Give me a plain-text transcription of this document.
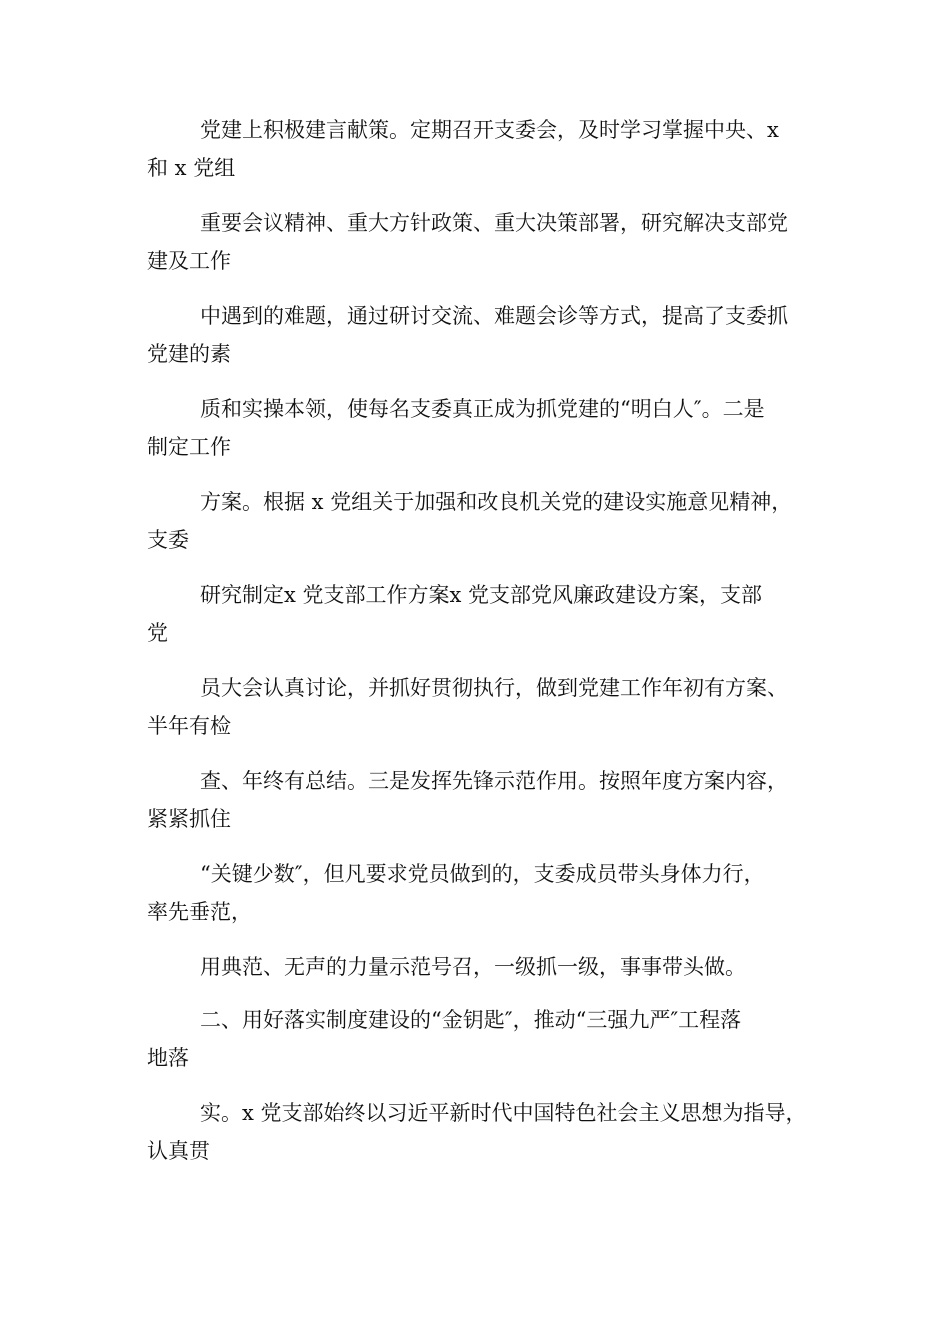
党建上积极建言献策。定期召开支委会，及时学习掌握中央、x
和 x 党组
重要会议精神、重大方针政策、重大决策部署，研究解决支部党
建及工作
中遇到的难题，通过研讨交流、难题会诊等方式，提高了支委抓
党建的素
质和实操本领，使每名支委真正成为抓党建的“明白人″。二是
制定工作
方案。根据 x 党组关于加强和改良机关党的建设实施意见精神，
支委
研究制定x 党支部工作方案x 党支部党风廉政建设方案，支部
党
员大会认真讨论，并抓好贯彻执行，做到党建工作年初有方案、
半年有检
查、年终有总结。三是发挥先锋示范作用。按照年度方案内容，
紧紧抓住
“关键少数″，但凡要求党员做到的，支委成员带头身体力行，
率先垂范，
用典范、无声的力量示范号召，一级抓一级，事事带头做。
二、用好落实制度建设的“金钥匙″，推动“三强九严″工程落
地落
实。x 党支部始终以习近平新时代中国特色社会主义思想为指导，
认真贯
